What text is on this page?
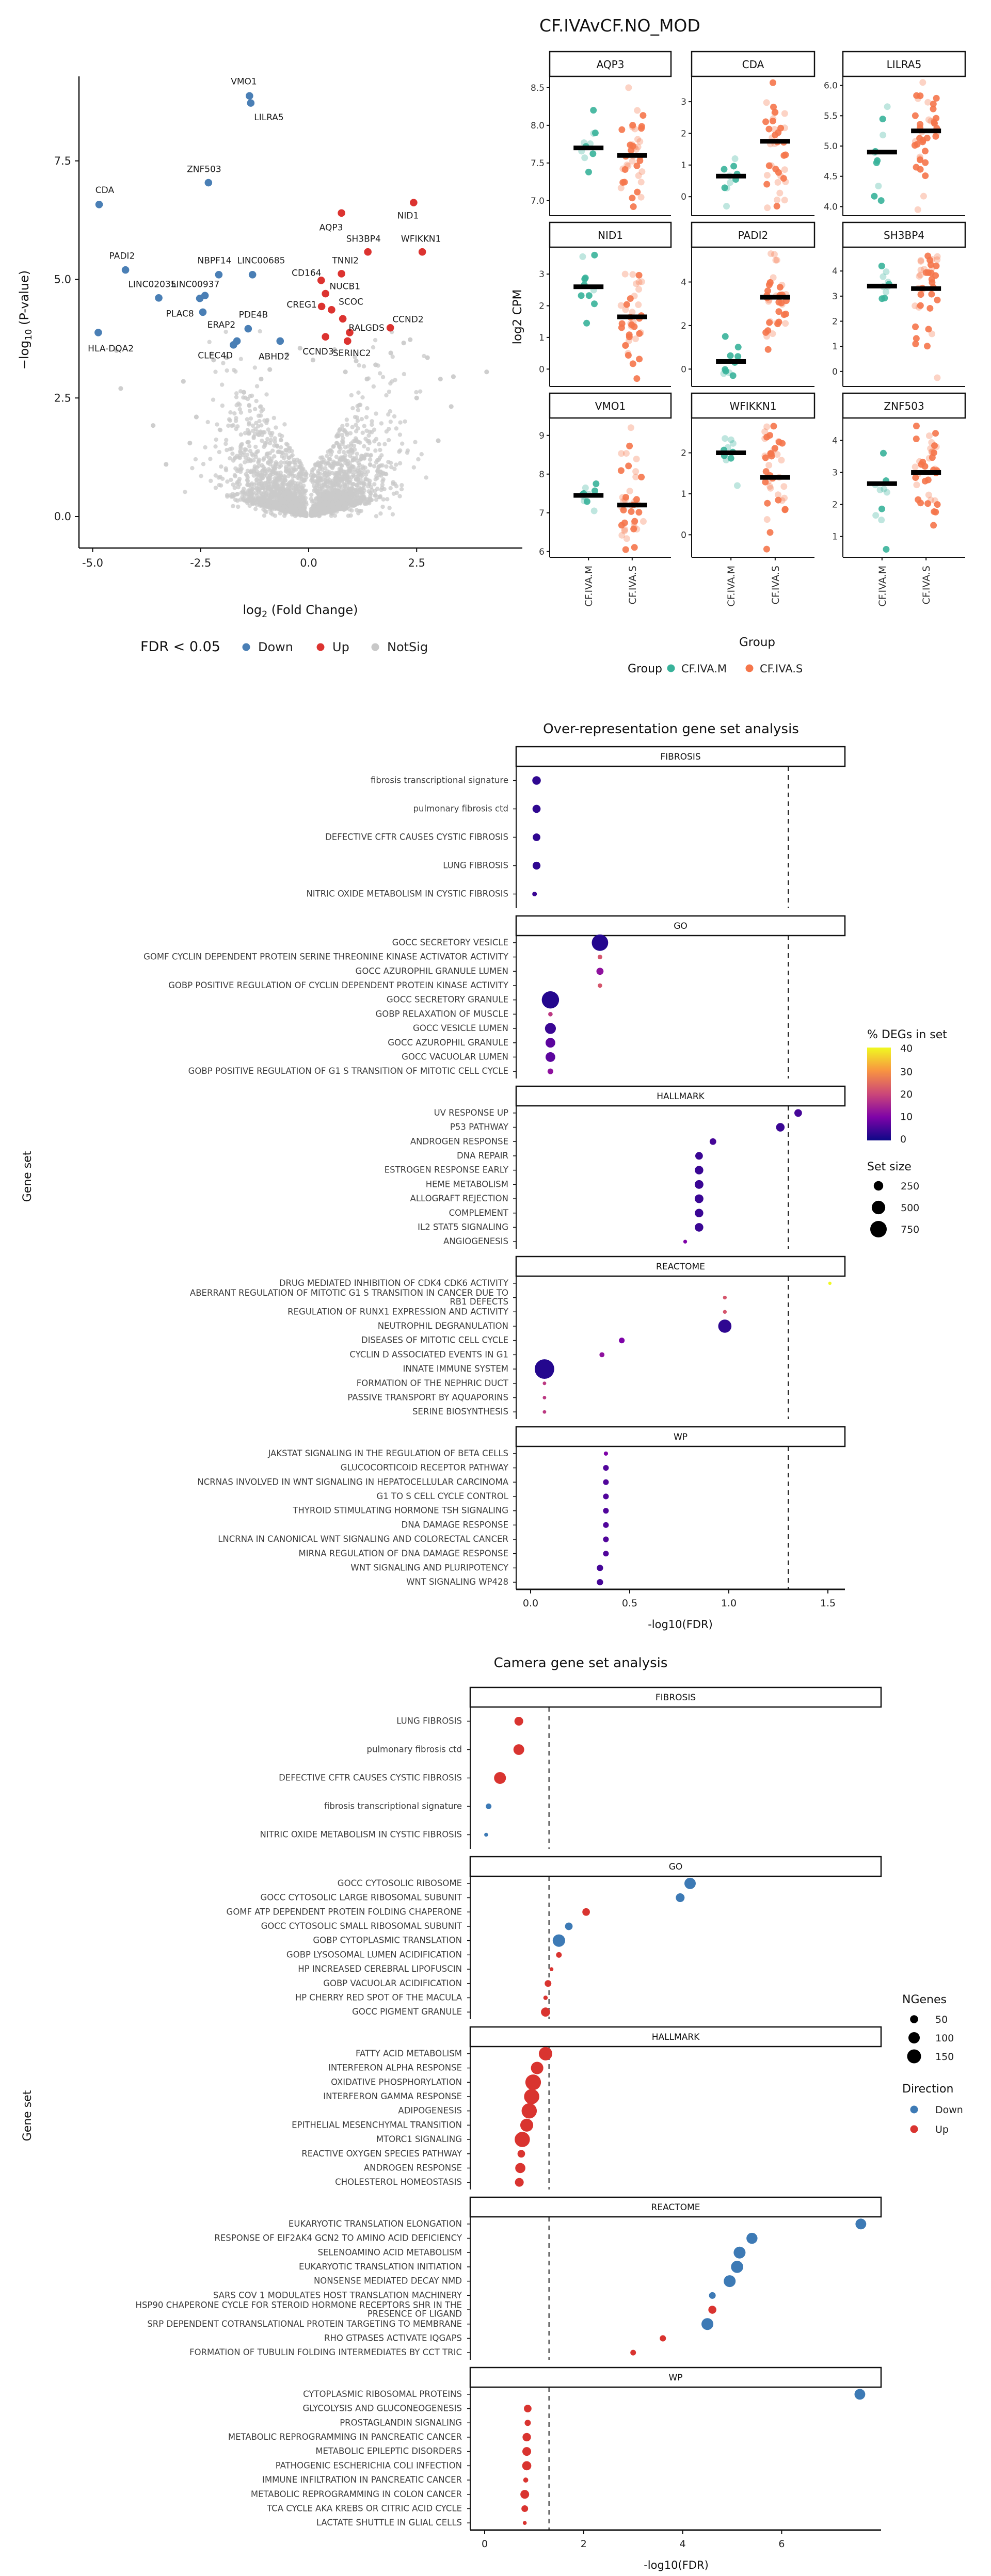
CF.IVAvCF.NO_MOD
Over-representation gene set analysis
Camera gene set analysis
0.0
2.5
5.0
7.5
-5.0	-2.5	0.0	2.5
$\log_2$ (Fold Change)
$-\log_{10}$ (P-value)
VMO1
LILRA5
ZNF503
CDA
PADI2	NBPF14 LINC00685
LINC02035
LINC00937
PLAC8
ERAP2
PDE4B
ABHD2
CLEC4D
HLA-DQA2
NID1
AQP3
SH3BP4 WFIKKN1
TNNI2
CD164
NUCB1
CREG1 SCOC
RALGDS
CCND2
CCND3
SERINC2
FDR < 0.05	Down	Up	NotSig
log2 CPM
AQP3
7.0
7.5
8.0
8.5
CDA
0
1
2
3
LILRA5
4.0
4.5
5.0
5.5
6.0
NID1
0
1
2
3
PADI2
0
2
4
SH3BP4
0
1
2
3
4
VMO1
6
7
8
9
CF.IVA.M	CF.IVA.S
WFIKKN1
0
1
2
CF.IVA.M	CF.IVA.S
ZNF503
1
2
3
4
CF.IVA.M	CF.IVA.S
Group
Group CF.IVA.M	CF.IVA.S
Gene set
FIBROSIS
fibrosis transcriptional signature
pulmonary fibrosis ctd
DEFECTIVE CFTR CAUSES CYSTIC FIBROSIS
LUNG FIBROSIS
NITRIC OXIDE METABOLISM IN CYSTIC FIBROSIS
GO
GOCC SECRETORY VESICLE
GOMF CYCLIN DEPENDENT PROTEIN SERINE THREONINE KINASE ACTIVATOR ACTIVITY
GOCC AZUROPHIL GRANULE LUMEN
GOBP POSITIVE REGULATION OF CYCLIN DEPENDENT PROTEIN KINASE ACTIVITY
GOCC SECRETORY GRANULE
GOBP RELAXATION OF MUSCLE
GOCC VESICLE LUMEN
GOCC AZUROPHIL GRANULE
GOCC VACUOLAR LUMEN
GOBP POSITIVE REGULATION OF G1 S TRANSITION OF MITOTIC CELL CYCLE
HALLMARK
UV RESPONSE UP
P53 PATHWAY
ANDROGEN RESPONSE
DNA REPAIR
ESTROGEN RESPONSE EARLY
HEME METABOLISM
ALLOGRAFT REJECTION
COMPLEMENT
IL2 STAT5 SIGNALING
ANGIOGENESIS
REACTOME
DRUG MEDIATED INHIBITION OF CDK4 CDK6 ACTIVITY
ABERRANT REGULATION OF MITOTIC G1 S TRANSITION IN CANCER DUE TO
RB1 DEFECTS
REGULATION OF RUNX1 EXPRESSION AND ACTIVITY
NEUTROPHIL DEGRANULATION
DISEASES OF MITOTIC CELL CYCLE
CYCLIN D ASSOCIATED EVENTS IN G1
INNATE IMMUNE SYSTEM
FORMATION OF THE NEPHRIC DUCT
PASSIVE TRANSPORT BY AQUAPORINS
SERINE BIOSYNTHESIS
WP
JAKSTAT SIGNALING IN THE REGULATION OF BETA CELLS
GLUCOCORTICOID RECEPTOR PATHWAY
NCRNAS INVOLVED IN WNT SIGNALING IN HEPATOCELLULAR CARCINOMA
G1 TO S CELL CYCLE CONTROL
THYROID STIMULATING HORMONE TSH SIGNALING
DNA DAMAGE RESPONSE
LNCRNA IN CANONICAL WNT SIGNALING AND COLORECTAL CANCER
MIRNA REGULATION OF DNA DAMAGE RESPONSE
WNT SIGNALING AND PLURIPOTENCY
WNT SIGNALING WP428
0.0	0.5	1.0	1.5
-log10(FDR)
% DEGs in set
40
30
20
10
0
Set size
250
500
750
Gene set
FIBROSIS
LUNG FIBROSIS
pulmonary fibrosis ctd
DEFECTIVE CFTR CAUSES CYSTIC FIBROSIS
fibrosis transcriptional signature
NITRIC OXIDE METABOLISM IN CYSTIC FIBROSIS
GO
GOCC CYTOSOLIC RIBOSOME
GOCC CYTOSOLIC LARGE RIBOSOMAL SUBUNIT
GOMF ATP DEPENDENT PROTEIN FOLDING CHAPERONE
GOCC CYTOSOLIC SMALL RIBOSOMAL SUBUNIT
GOBP CYTOPLASMIC TRANSLATION
GOBP LYSOSOMAL LUMEN ACIDIFICATION
HP INCREASED CEREBRAL LIPOFUSCIN
GOBP VACUOLAR ACIDIFICATION
HP CHERRY RED SPOT OF THE MACULA
GOCC PIGMENT GRANULE
HALLMARK
FATTY ACID METABOLISM
INTERFERON ALPHA RESPONSE
OXIDATIVE PHOSPHORYLATION
INTERFERON GAMMA RESPONSE
ADIPOGENESIS
EPITHELIAL MESENCHYMAL TRANSITION
MTORC1 SIGNALING
REACTIVE OXYGEN SPECIES PATHWAY
ANDROGEN RESPONSE
CHOLESTEROL HOMEOSTASIS
REACTOME
EUKARYOTIC TRANSLATION ELONGATION
RESPONSE OF EIF2AK4 GCN2 TO AMINO ACID DEFICIENCY
SELENOAMINO ACID METABOLISM
EUKARYOTIC TRANSLATION INITIATION
NONSENSE MEDIATED DECAY NMD
SARS COV 1 MODULATES HOST TRANSLATION MACHINERY
HSP90 CHAPERONE CYCLE FOR STEROID HORMONE RECEPTORS SHR IN THE
PRESENCE OF LIGAND
SRP DEPENDENT COTRANSLATIONAL PROTEIN TARGETING TO MEMBRANE
RHO GTPASES ACTIVATE IQGAPS
FORMATION OF TUBULIN FOLDING INTERMEDIATES BY CCT TRIC
WP
CYTOPLASMIC RIBOSOMAL PROTEINS
GLYCOLYSIS AND GLUCONEOGENESIS
PROSTAGLANDIN SIGNALING
METABOLIC REPROGRAMMING IN PANCREATIC CANCER
METABOLIC EPILEPTIC DISORDERS
PATHOGENIC ESCHERICHIA COLI INFECTION
IMMUNE INFILTRATION IN PANCREATIC CANCER
METABOLIC REPROGRAMMING IN COLON CANCER
TCA CYCLE AKA KREBS OR CITRIC ACID CYCLE
LACTATE SHUTTLE IN GLIAL CELLS
0	2	4	6
-log10(FDR)
NGenes
50
100
150
Direction
Down
Up
